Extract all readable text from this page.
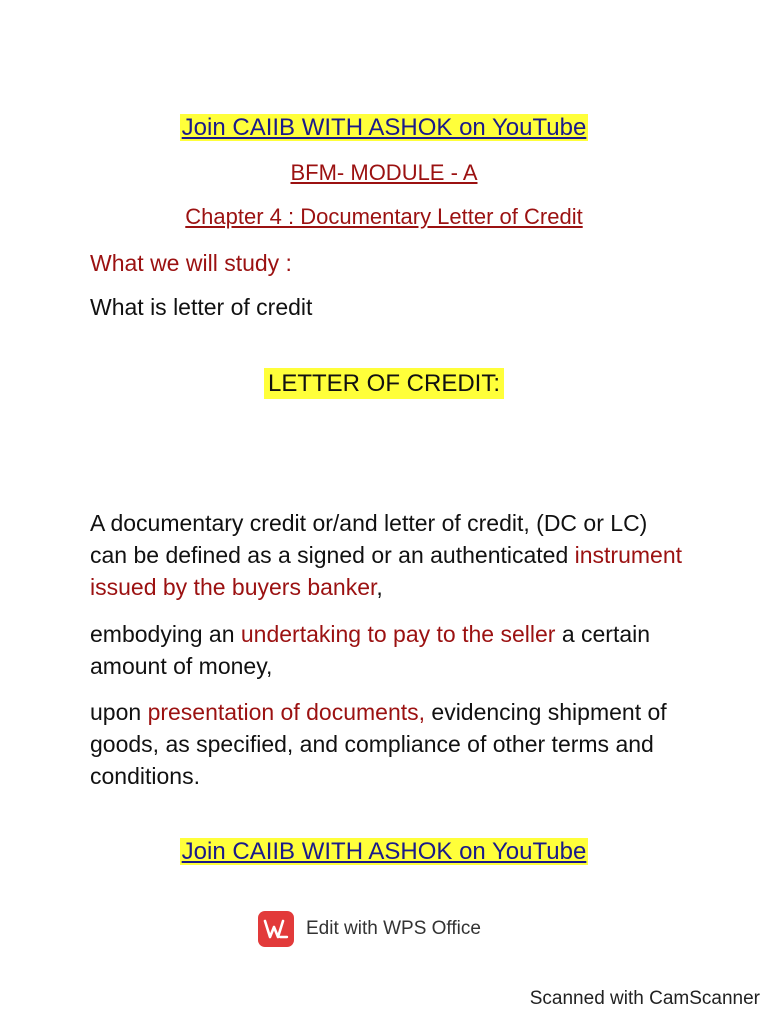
Join CAIIB WITH ASHOK on YouTube
BFM- MODULE - A
Chapter 4 : Documentary Letter of Credit
What we will study :
What is letter of credit
LETTER OF CREDIT:
A documentary credit or/and letter of credit, (DC or LC) can be defined as a signed or an authenticated instrument issued by the buyers banker,
embodying an undertaking to pay to the seller a certain amount of money,
upon presentation of documents, evidencing shipment of goods, as specified, and compliance of other terms and conditions.
Join CAIIB WITH ASHOK on YouTube
Edit with WPS Office
Scanned with CamScanner
